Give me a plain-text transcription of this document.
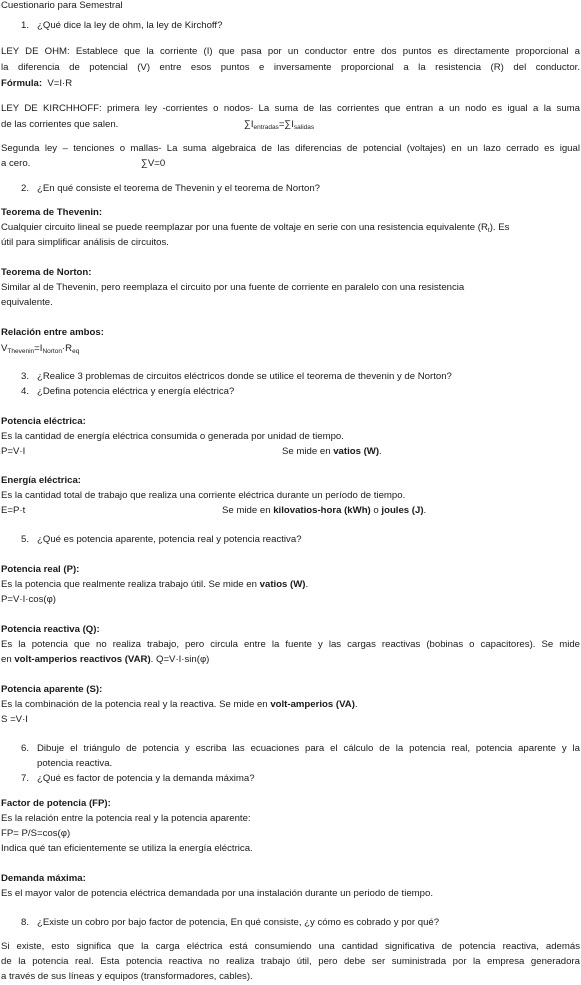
Cuestionario para Semestral
1. ¿Qué dice la ley de ohm, la ley de Kirchoff?
LEY DE OHM: Establece que la corriente (I) que pasa por un conductor entre dos puntos es directamente proporcional a
la diferencia de potencial (V) entre esos puntos e inversamente proporcional a la resistencia (R) del conductor.
Fórmula: V=I·R
LEY DE KIRCHHOFF: primera ley -corrientes o nodos- La suma de las corrientes que entran a un nodo es igual a la suma
de las corrientes que salen.	$\sum I_{entradas}=\sum I_{salidas}$
Segunda ley – tenciones o mallas- La suma algebraica de las diferencias de potencial (voltajes) en un lazo cerrado es igual
a cero.	∑V=0
2. ¿En qué consiste el teorema de Thevenin y el teorema de Norton?
Teorema de Thevenin:
Cualquier circuito lineal se puede reemplazar por una fuente de voltaje en serie con una resistencia equivalente $(R_t)$. Es
útil para simplificar análisis de circuitos.
Teorema de Norton:
Similar al de Thevenin, pero reemplaza el circuito por una fuente de corriente en paralelo con una resistencia
equivalente.
Relación entre ambos:
$V_{Thevenin}=I_{Norton}\cdot R_{eq}$
3. ¿Realice 3 problemas de circuitos eléctricos donde se utilice el teorema de thevenin y de Norton?
4. ¿Defina potencia eléctrica y energía eléctrica?
Potencia eléctrica:
Es la cantidad de energía eléctrica consumida o generada por unidad de tiempo.
P=V·I	Se mide en vatios (W).
Energía eléctrica:
Es la cantidad total de trabajo que realiza una corriente eléctrica durante un período de tiempo.
E=P·t	Se mide en kilovatios-hora (kWh) o joules (J).
5. ¿Qué es potencia aparente, potencia real y potencia reactiva?
Potencia real (P):
Es la potencia que realmente realiza trabajo útil. Se mide en vatios (W).
P=V·I·cos(φ)
Potencia reactiva (Q):
Es la potencia que no realiza trabajo, pero circula entre la fuente y las cargas reactivas (bobinas o capacitores). Se mide
en volt-amperios reactivos (VAR). Q=V·I·sin(φ)
Potencia aparente (S):
Es la combinación de la potencia real y la reactiva. Se mide en volt-amperios (VA).
S =V·I
6. Dibuje el triángulo de potencia y escriba las ecuaciones para el cálculo de la potencia real, potencia aparente y la
potencia reactiva.
7. ¿Qué es factor de potencia y la demanda máxima?
Factor de potencia (FP):
Es la relación entre la potencia real y la potencia aparente:
FP= P/S=cos(φ)
Indica qué tan eficientemente se utiliza la energía eléctrica.
Demanda máxima:
Es el mayor valor de potencia eléctrica demandada por una instalación durante un periodo de tiempo.
8. ¿Existe un cobro por bajo factor de potencia, En qué consiste, ¿y cómo es cobrado y por qué?
Si existe, esto significa que la carga eléctrica está consumiendo una cantidad significativa de potencia reactiva, además
de la potencia real. Esta potencia reactiva no realiza trabajo útil, pero debe ser suministrada por la empresa generadora
a través de sus líneas y equipos (transformadores, cables).
